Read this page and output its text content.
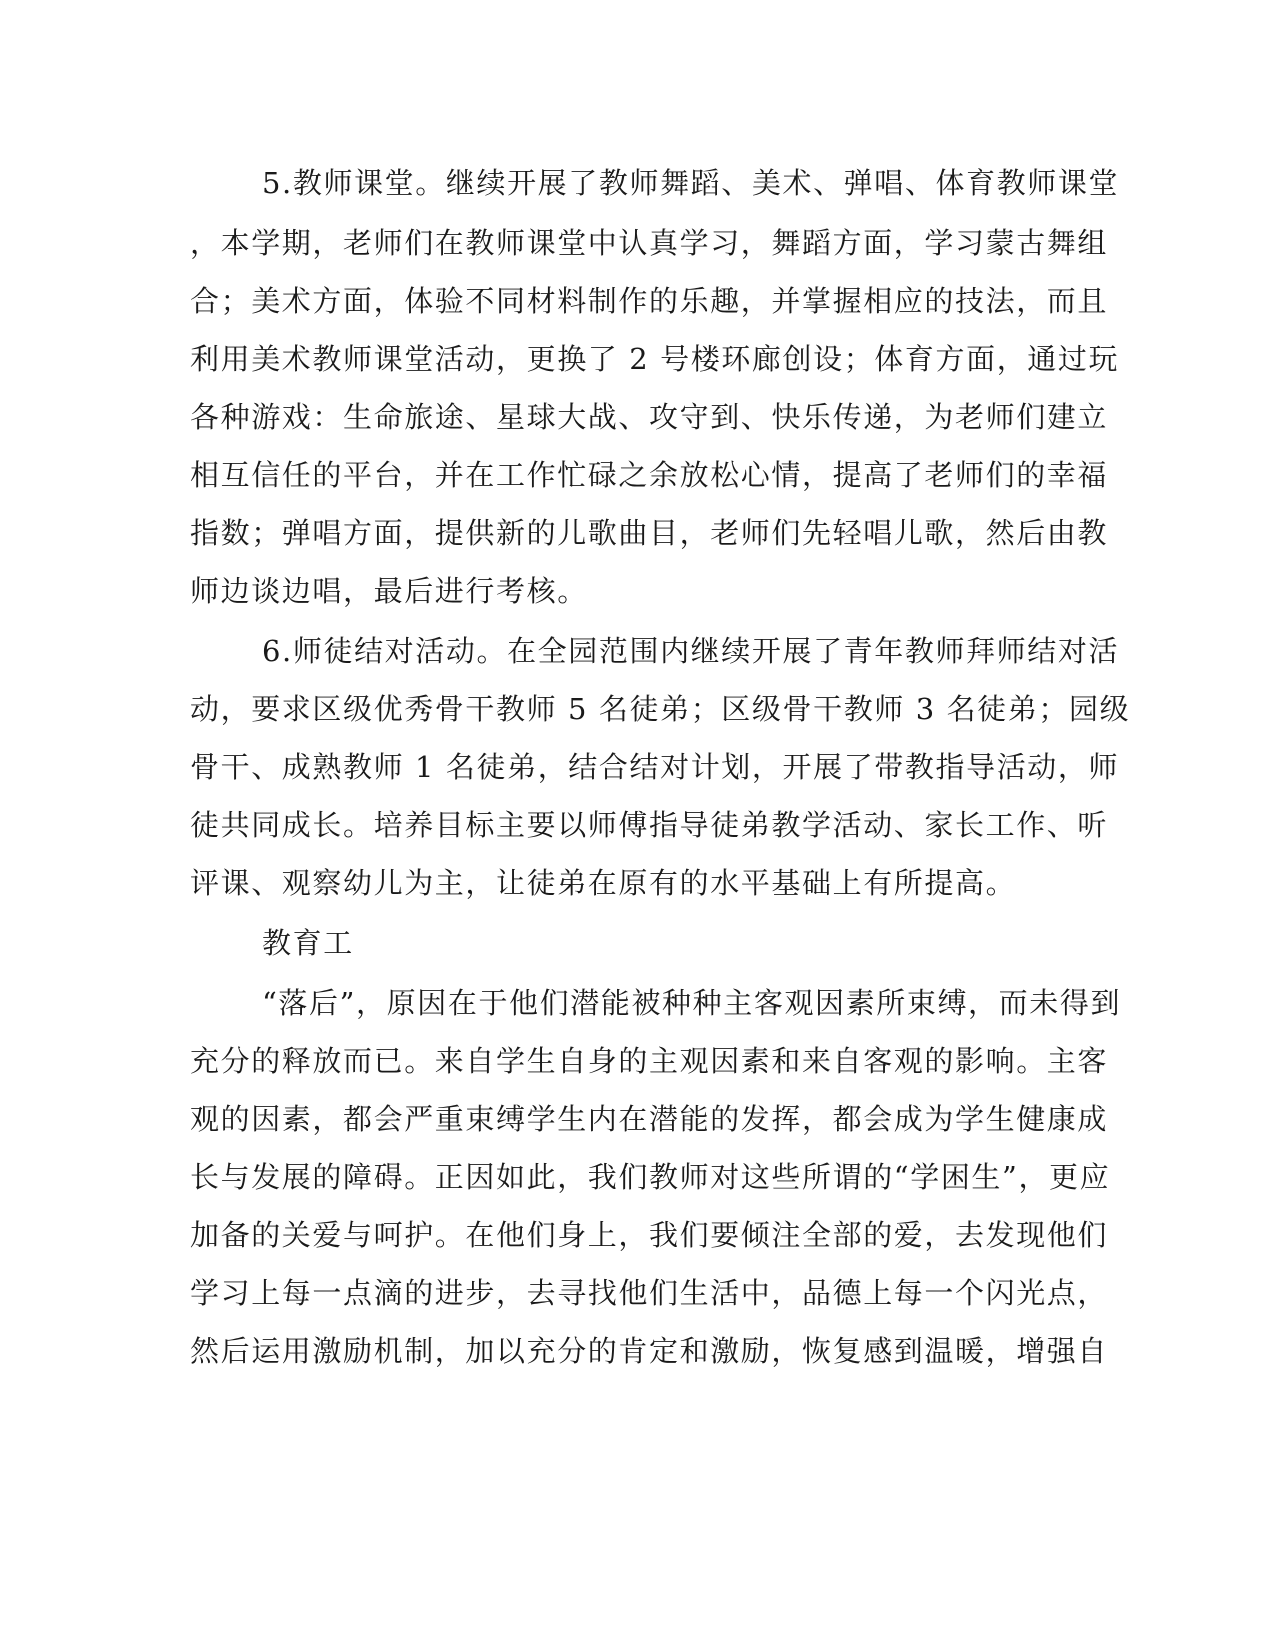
5.教师课堂。继续开展了教师舞蹈、美术、弹唱、体育教师课堂
，本学期，老师们在教师课堂中认真学习，舞蹈方面，学习蒙古舞组
合；美术方面，体验不同材料制作的乐趣，并掌握相应的技法，而且
利用美术教师课堂活动，更换了 2 号楼环廊创设；体育方面，通过玩
各种游戏：生命旅途、星球大战、攻守到、快乐传递，为老师们建立
相互信任的平台，并在工作忙碌之余放松心情，提高了老师们的幸福
指数；弹唱方面，提供新的儿歌曲目，老师们先轻唱儿歌，然后由教
师边谈边唱，最后进行考核。
6.师徒结对活动。在全园范围内继续开展了青年教师拜师结对活
动，要求区级优秀骨干教师 5 名徒弟；区级骨干教师 3 名徒弟；园级
骨干、成熟教师 1 名徒弟，结合结对计划，开展了带教指导活动，师
徒共同成长。培养目标主要以师傅指导徒弟教学活动、家长工作、听
评课、观察幼儿为主，让徒弟在原有的水平基础上有所提高。
教育工
“落后”，原因在于他们潜能被种种主客观因素所束缚，而未得到
充分的释放而已。来自学生自身的主观因素和来自客观的影响。主客
观的因素，都会严重束缚学生内在潜能的发挥，都会成为学生健康成
长与发展的障碍。正因如此，我们教师对这些所谓的“学困生”，更应
加备的关爱与呵护。在他们身上，我们要倾注全部的爱，去发现他们
学习上每一点滴的进步，去寻找他们生活中，品德上每一个闪光点，
然后运用激励机制，加以充分的肯定和激励，恢复感到温暖，增强自
